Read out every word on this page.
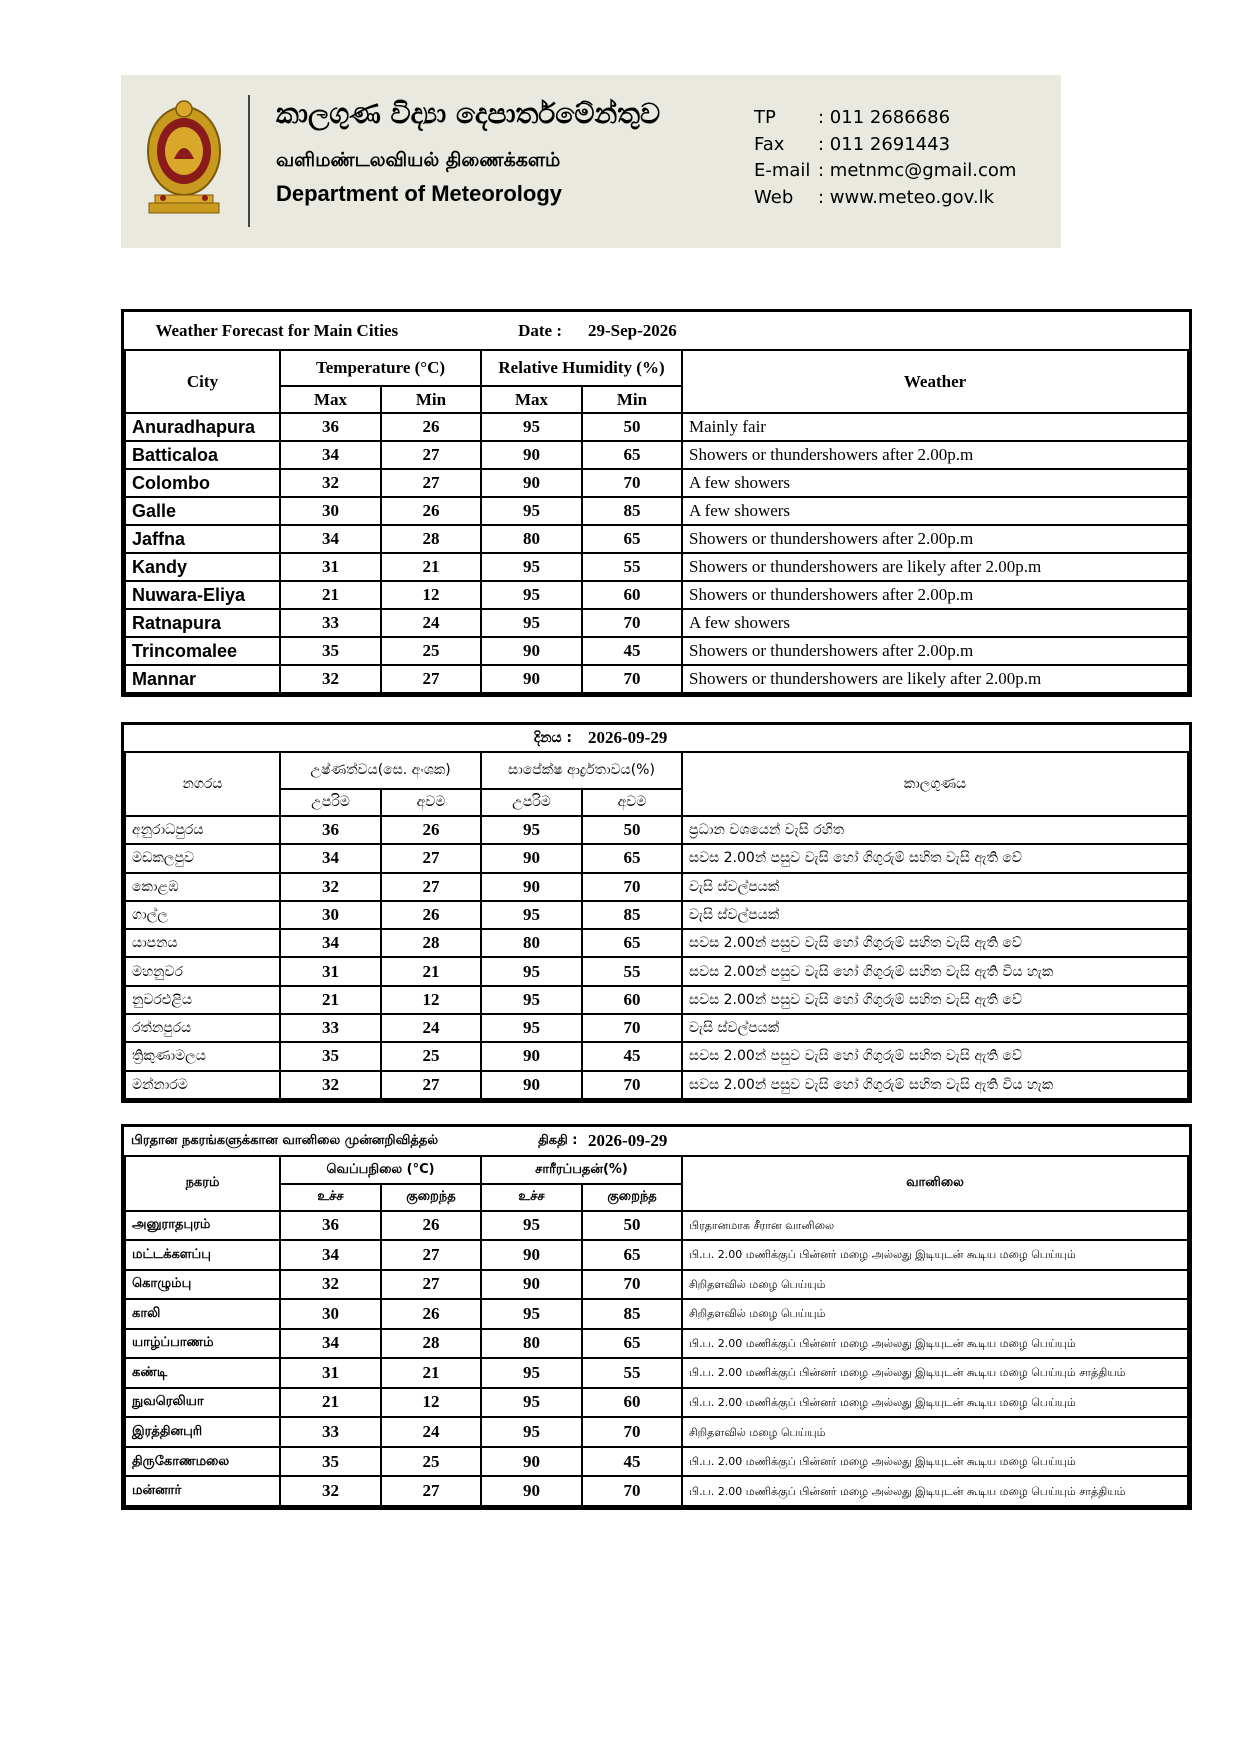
කාලගුණ විද්‍යා දෙපාර්තමේන්තුව
வளிமண்டலவியல் திணைக்களம்
Department of Meteorology
TP	: 011 2686686
Fax	: 011 2691443
E-mail : metnmc@gmail.com
Web	: www.meteo.gov.lk
Weather Forecast for Main Cities Date :				29-Sep-2026	
City	Temperature (°C)		Relative Humidity (%)		Weather
	Max	Min	Max	Min	
Anuradhapura	36	26	95	50	Mainly fair
Batticaloa	34	27	90	65	Showers or thundershowers after 2.00p.m
Colombo	32	27	90	70	A few showers
Galle	30	26	95	85	A few showers
Jaffna	34	28	80	65	Showers or thundershowers after 2.00p.m
Kandy	31	21	95	55	Showers or thundershowers are likely after 2.00p.m
Nuwara-Eliya	21	12	95	60	Showers or thundershowers after 2.00p.m
Ratnapura	33	24	95	70	A few showers
Trincomalee	35	25	90	45	Showers or thundershowers after 2.00p.m
Mannar	32	27	90	70	Showers or thundershowers are likely after 2.00p.m
දිනය :				2026-09-29	
නගරය	උෂ්ණත්වය(සෙ. අංශක)		සාපේක්ෂ ආර්ද්‍රතාවය(%)		කාලගුණය
	උපරිම	අවම	උපරිම	අවම	
අනුරාධපුරය	36	26	95	50	ප්‍රධාන වශයෙන් වැසි රහිත
මඩකලපුව	34	27	90	65	සවස 2.00න් පසුව වැසි හෝ ගිගුරුම් සහිත වැසි ඇති වේ
කොළඹ	32	27	90	70	වැසි ස්වල්පයක්
ගාල්ල	30	26	95	85	වැසි ස්වල්පයක්
යාපනය	34	28	80	65	සවස 2.00න් පසුව වැසි හෝ ගිගුරුම් සහිත වැසි ඇති වේ
මහනුවර	31	21	95	55	සවස 2.00න් පසුව වැසි හෝ ගිගුරුම් සහිත වැසි ඇති විය හැක
නුවරඑළිය	21	12	95	60	සවස 2.00න් පසුව වැසි හෝ ගිගුරුම් සහිත වැසි ඇති වේ
රත්නපුරය	33	24	95	70	වැසි ස්වල්පයක්
ත්‍රිකුණාමලය	35	25	90	45	සවස 2.00න් පසුව වැසි හෝ ගිගුරුම් සහිත වැසි ඇති වේ
මන්නාරම	32	27	90	70	සවස 2.00න් පසුව වැසි හෝ ගිගුරුම් සහිත වැසි ඇති විය හැක
பிரதான நகரங்களுக்கான வானிலை முன்னறிவித்தல் திகதி :				2026-09-29	
நகரம்	வெப்பநிலை (°C)		சாரீரப்பதன்(%)		வானிலை
	உச்ச	குறைந்த	உச்ச	குறைந்த	
அனுராதபுரம்	36	26	95	50	பிரதானமாக சீரான வானிலை
மட்டக்களப்பு	34	27	90	65	பி.ப. 2.00 மணிக்குப் பின்னர் மழை அல்லது இடியுடன் கூடிய மழை பெய்யும்
கொழும்பு	32	27	90	70	சிறிதளவில் மழை பெய்யும்
காலி	30	26	95	85	சிறிதளவில் மழை பெய்யும்
யாழ்ப்பாணம்	34	28	80	65	பி.ப. 2.00 மணிக்குப் பின்னர் மழை அல்லது இடியுடன் கூடிய மழை பெய்யும்
கண்டி	31	21	95	55	பி.ப. 2.00 மணிக்குப் பின்னர் மழை அல்லது இடியுடன் கூடிய மழை பெய்யும் சாத்தியம்
நுவரெலியா	21	12	95	60	பி.ப. 2.00 மணிக்குப் பின்னர் மழை அல்லது இடியுடன் கூடிய மழை பெய்யும்
இரத்தினபுரி	33	24	95	70	சிறிதளவில் மழை பெய்யும்
திருகோணமலை	35	25	90	45	பி.ப. 2.00 மணிக்குப் பின்னர் மழை அல்லது இடியுடன் கூடிய மழை பெய்யும்
மன்னார்	32	27	90	70	பி.ப. 2.00 மணிக்குப் பின்னர் மழை அல்லது இடியுடன் கூடிய மழை பெய்யும் சாத்தியம்
